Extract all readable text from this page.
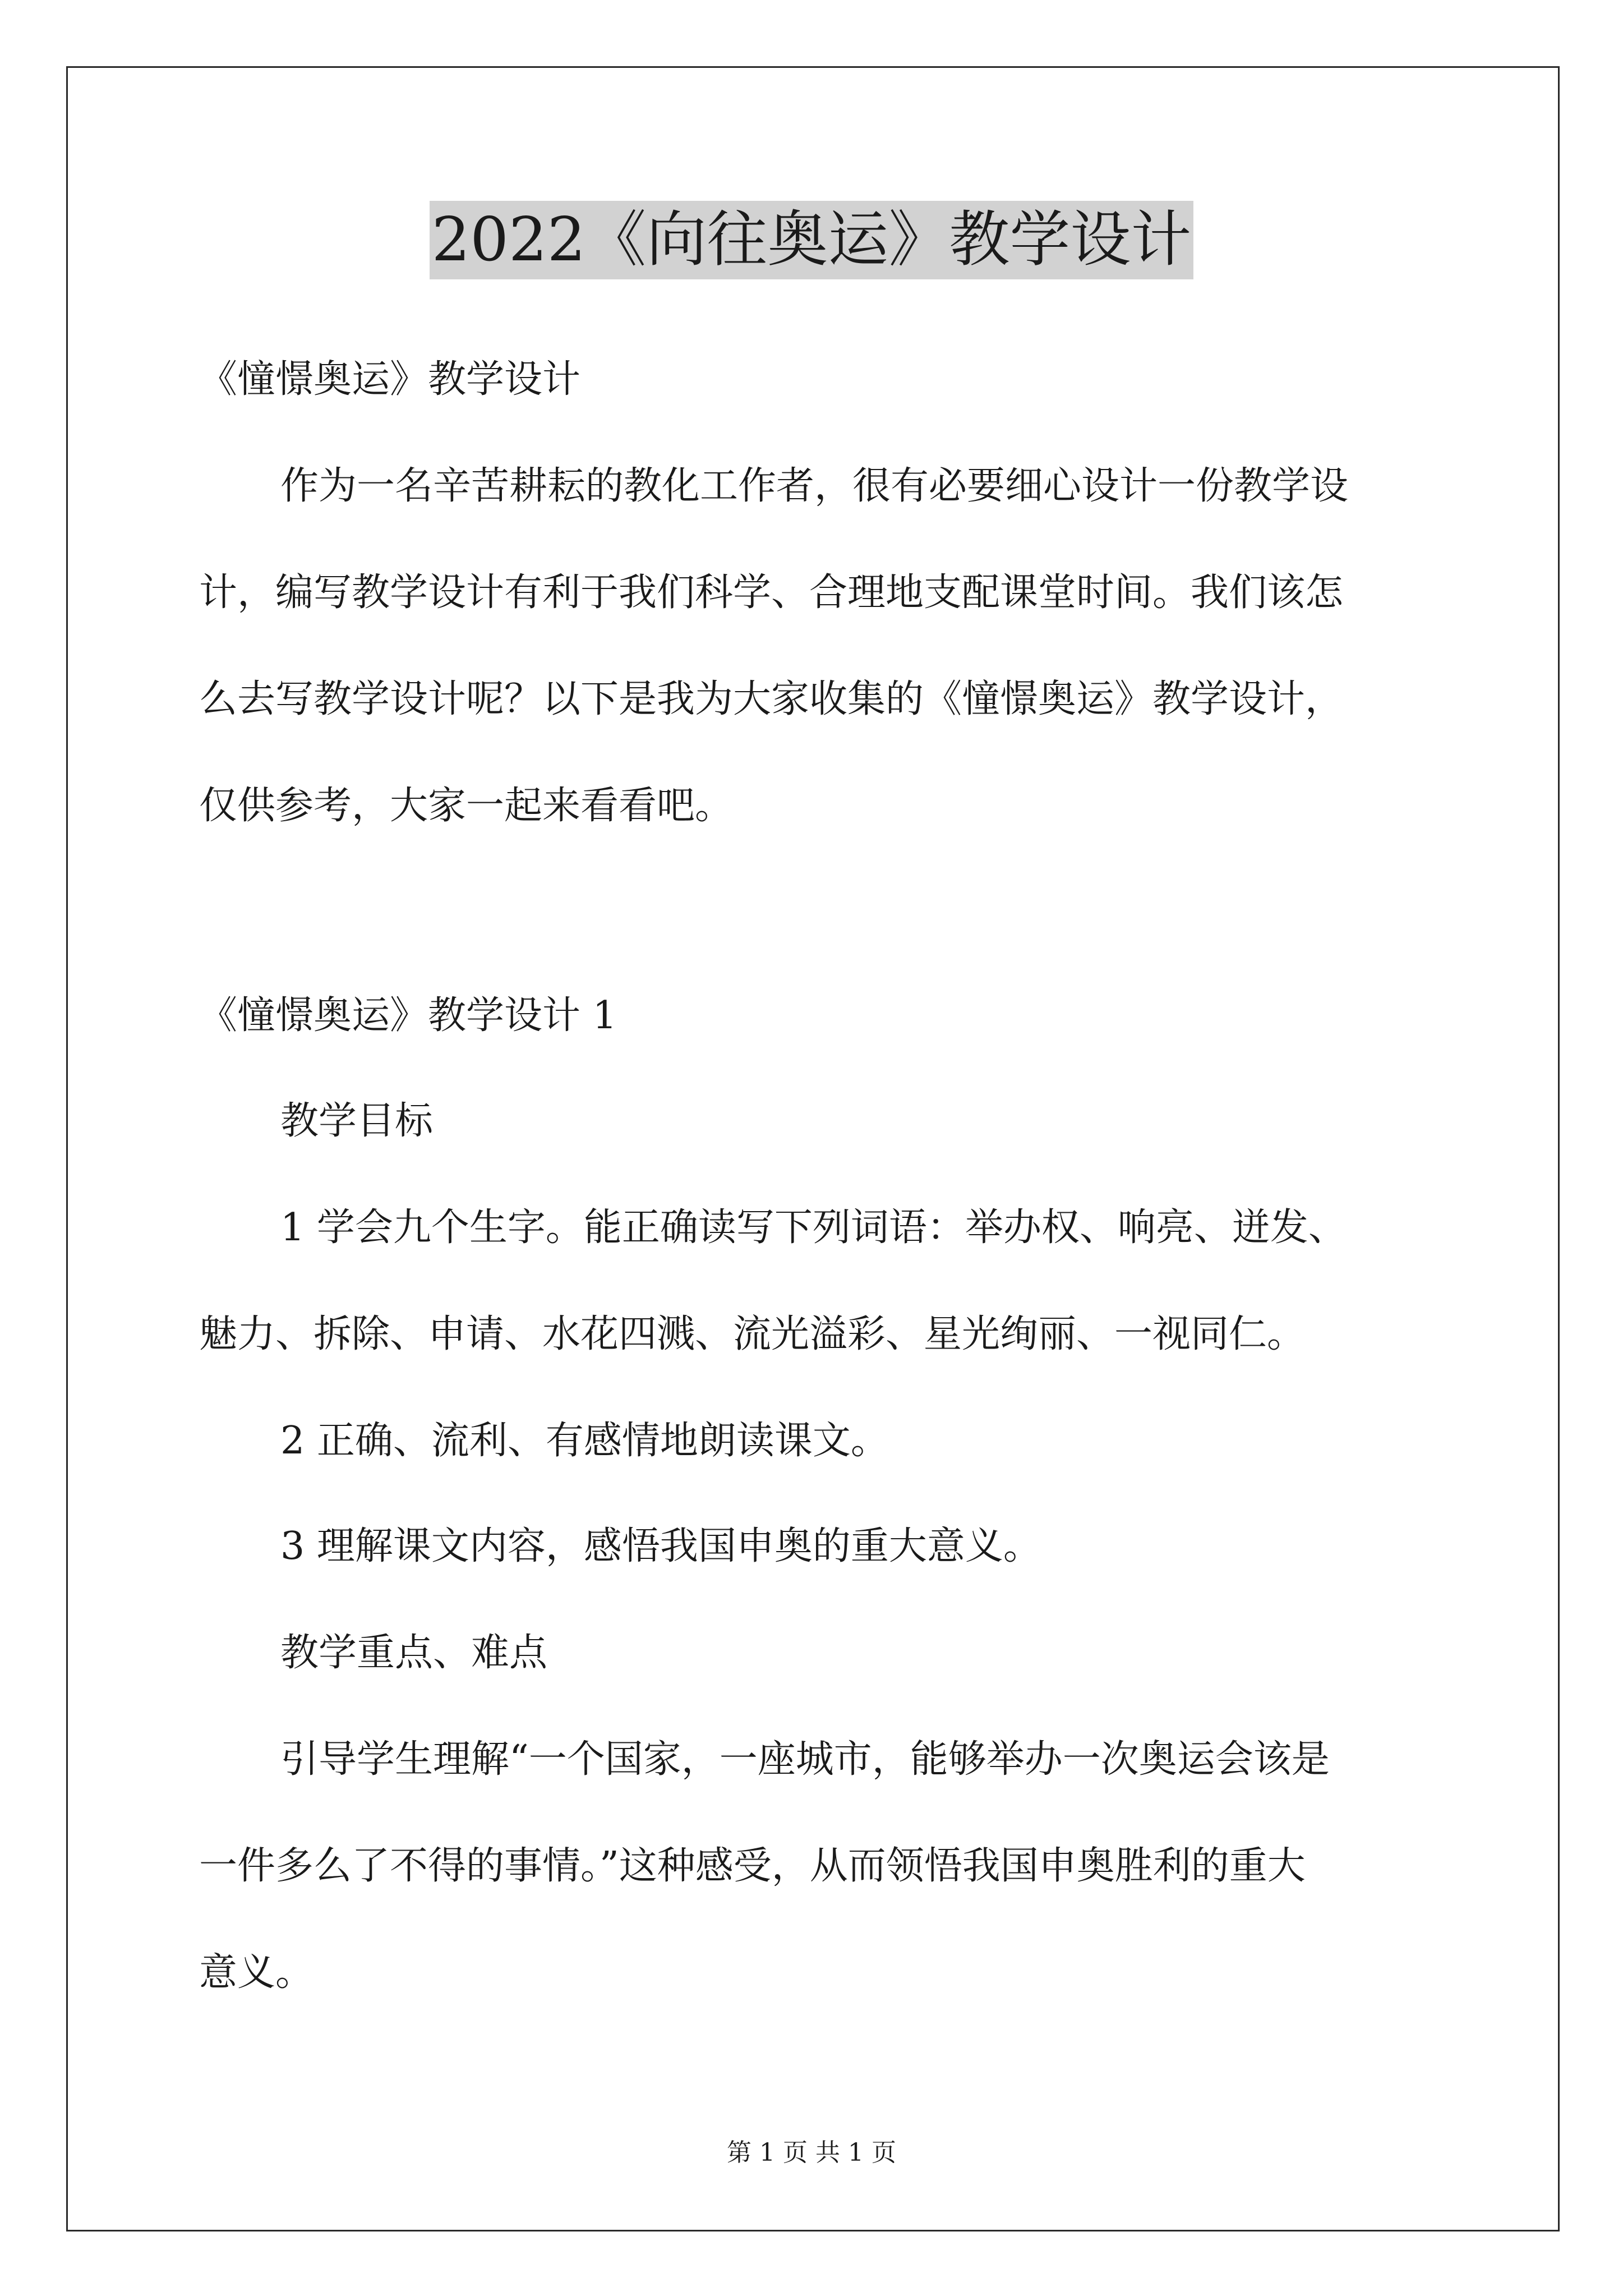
2022《向往奥运》教学设计

《憧憬奥运》教学设计

作为一名辛苦耕耘的教化工作者，很有必要细心设计一份教学设

计，编写教学设计有利于我们科学、合理地支配课堂时间。我们该怎

么去写教学设计呢？以下是我为大家收集的《憧憬奥运》教学设计，

仅供参考，大家一起来看看吧。

《憧憬奥运》教学设计 1

教学目标

1 学会九个生字。能正确读写下列词语：举办权、响亮、迸发、

魅力、拆除、申请、水花四溅、流光溢彩、星光绚丽、一视同仁。

2 正确、流利、有感情地朗读课文。

3 理解课文内容，感悟我国申奥的重大意义。

教学重点、难点

引导学生理解“一个国家，一座城市，能够举办一次奥运会该是

一件多么了不得的事情。”这种感受，从而领悟我国申奥胜利的重大

意义。

第 1 页 共 1 页
